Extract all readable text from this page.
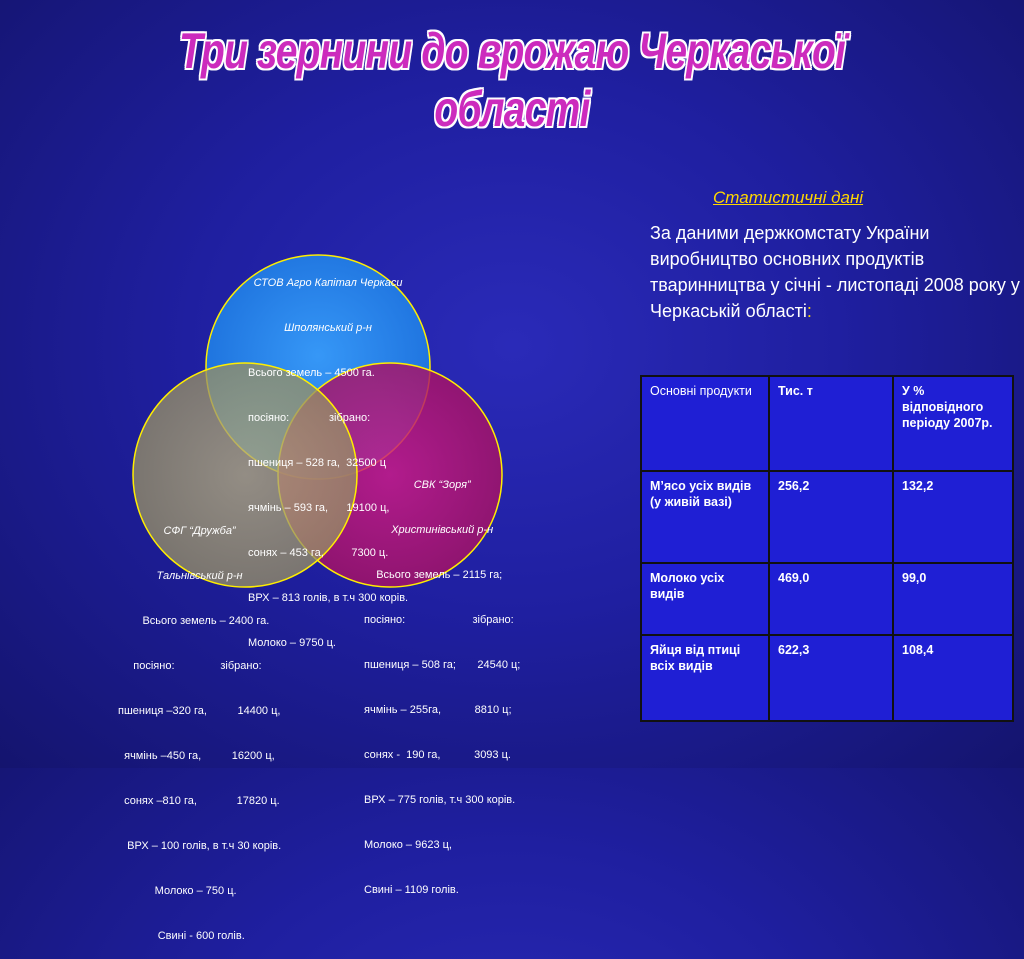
Три зернини до врожаю Черкаської області

СТОВ Агро Капітал Черкаси

Шполянський р-н

Всього земель – 4500 га.

посіяно:             зібрано:

пшениця – 528 га,  32500 ц

ячмінь – 593 га,      19100 ц,

сонях – 453 га,         7300 ц.

ВРХ – 813 голів, в т.ч 300 корів.

Молоко – 9750 ц.

СВК “Зоря”

Христинівський р-н

Всього земель – 2115 га;

посіяно:                      зібрано:

пшениця – 508 га;       24540 ц;

ячмінь – 255га,           8810 ц;

сонях -  190 га,           3093 ц.

ВРХ – 775 голів, т.ч 300 корів.

Молоко – 9623 ц,

Свині – 1109 голів.

СФГ “Дружба”

Тальнівський р-н

Всього земель – 2400 га.

посіяно:               зібрано:

пшениця –320 га,          14400 ц,

ячмінь –450 га,          16200 ц,

сонях –810 га,             17820 ц.

ВРХ – 100 голів, в т.ч 30 корів.

Молоко – 750 ц.

Свині - 600 голів.

Статистичні дані
За даними держкомстату України виробництво основних продуктів тваринництва у січні - листопаді 2008 року у Черкаській області:
Основні продукти	Тис. т	У % відповідного періоду 2007р.
М’ясо усіх видів (у живій вазі)	256,2	132,2
Молоко усіх видів	469,0	99,0
Яйця від птиці всіх видів	622,3	108,4
